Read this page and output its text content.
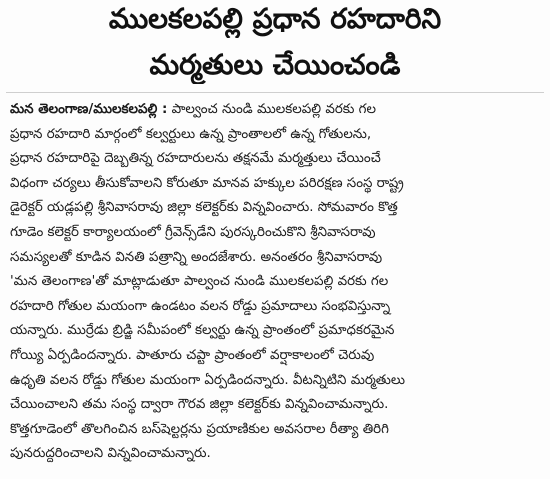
ములకలపల్లి ప్రధాన రహదారిని
మర్మతులు చేయించండి
మన తెలంగాణ/ములకలపల్లి : పాల్వంచ నుండి ములకలపల్లి వరకు గల
ప్రధాన రహదారి మార్గంలో కల్వర్టులు ఉన్న ప్రాంతాలలో ఉన్న గోతులను,
ప్రధాన రహదారిపై దెబ్బతిన్న రహదారులను తక్షనమే మర్మత్తులు చేయించే
విధంగా చర్యలు తీసుకోవాలని కోరుతూ మానవ హక్కుల పరిరక్షణ సంస్థ రాష్ట్ర
డైరెక్టర్ యడ్లపల్లి శ్రీనివాసరావు జిల్లా కలెక్టర్‌కు విన్నవించారు. సోమవారం కొత్త
గూడెం కలెక్టర్ కార్యాలయంలో గ్రీవెన్స్‌డేని పురస్కరించుకొని శ్రీనివాసరావు
సమస్యలతో కూడిన వినతి పత్రాన్ని అందజేశారు. అనంతరం శ్రీనివాసరావు
'మన తెలంగాణ'తో మాట్లాడుతూ పాల్వంచ నుండి ములకలపల్లి వరకు గల
రహదారి గోతుల మయంగా ఉండటం వలన రోడ్డు ప్రమాదాలు సంభవిస్తున్నా
యన్నారు. ముర్రేడు బ్రిడ్జి సమీపంలో కల్వర్టు ఉన్న ప్రాంతంలో ప్రమాధకరమైన
గోయ్యి ఏర్పడిందన్నారు. పాతూరు చప్టా ప్రాంతంలో వర్షాకాలంలో చెరువు
ఉధృతి వలన రోడ్డు గోతుల మయంగా ఏర్పడిందన్నారు. వీటన్నిటిని మర్మతులు
చేయించాలని తమ సంస్థ ద్వారా గౌరవ జిల్లా కలెక్టర్‌కు విన్నవించామన్నారు.
కొత్తగూడెంలో తొలగించిన బస్‌షెల్టర్లను ప్రయాణికుల అవసరాల రీత్యా తిరిగి
పునరుద్దరించాలని విన్నవించామన్నారు.
